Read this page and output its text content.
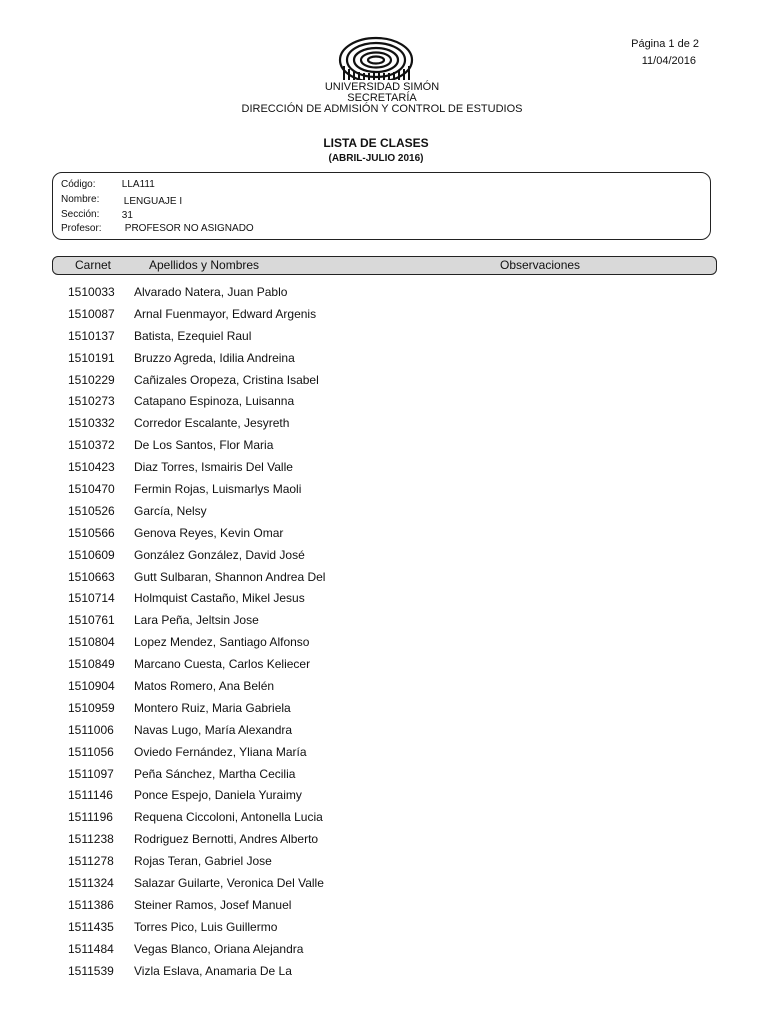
Página 1 de 2
11/04/2016
UNIVERSIDAD SIMÓN
SECRETARÍA
DIRECCIÓN DE ADMISIÓN Y CONTROL DE ESTUDIOS
LISTA DE CLASES
(ABRIL-JULIO 2016)
Código:	LLA111
Nombre: LENGUAJE I
Sección: 31
Profesor: PROFESOR NO ASIGNADO
Carnet	Apellidos y Nombres	Observaciones
1510033 Alvarado Natera, Juan Pablo
1510087 Arnal Fuenmayor, Edward Argenis
1510137 Batista, Ezequiel Raul
1510191 Bruzzo Agreda, Idilia Andreina
1510229 Cañizales Oropeza, Cristina Isabel
1510273 Catapano Espinoza, Luisanna
1510332 Corredor Escalante, Jesyreth
1510372 De Los Santos, Flor Maria
1510423 Diaz Torres, Ismairis Del Valle
1510470 Fermin Rojas, Luismarlys Maoli
1510526 García, Nelsy
1510566 Genova Reyes, Kevin Omar
1510609 González González, David José
1510663 Gutt Sulbaran, Shannon Andrea Del
1510714 Holmquist Castaño, Mikel Jesus
1510761 Lara Peña, Jeltsin Jose
1510804 Lopez Mendez, Santiago Alfonso
1510849 Marcano Cuesta, Carlos Keliecer
1510904 Matos Romero, Ana Belén
1510959 Montero Ruiz, Maria Gabriela
1511006 Navas Lugo, María Alexandra
1511056 Oviedo Fernández, Yliana María
1511097 Peña Sánchez, Martha Cecilia
1511146 Ponce Espejo, Daniela Yuraimy
1511196 Requena Ciccoloni, Antonella Lucia
1511238 Rodriguez Bernotti, Andres Alberto
1511278 Rojas Teran, Gabriel Jose
1511324 Salazar Guilarte, Veronica Del Valle
1511386 Steiner Ramos, Josef Manuel
1511435 Torres Pico, Luis Guillermo
1511484 Vegas Blanco, Oriana Alejandra
1511539 Vizla Eslava, Anamaria De La
